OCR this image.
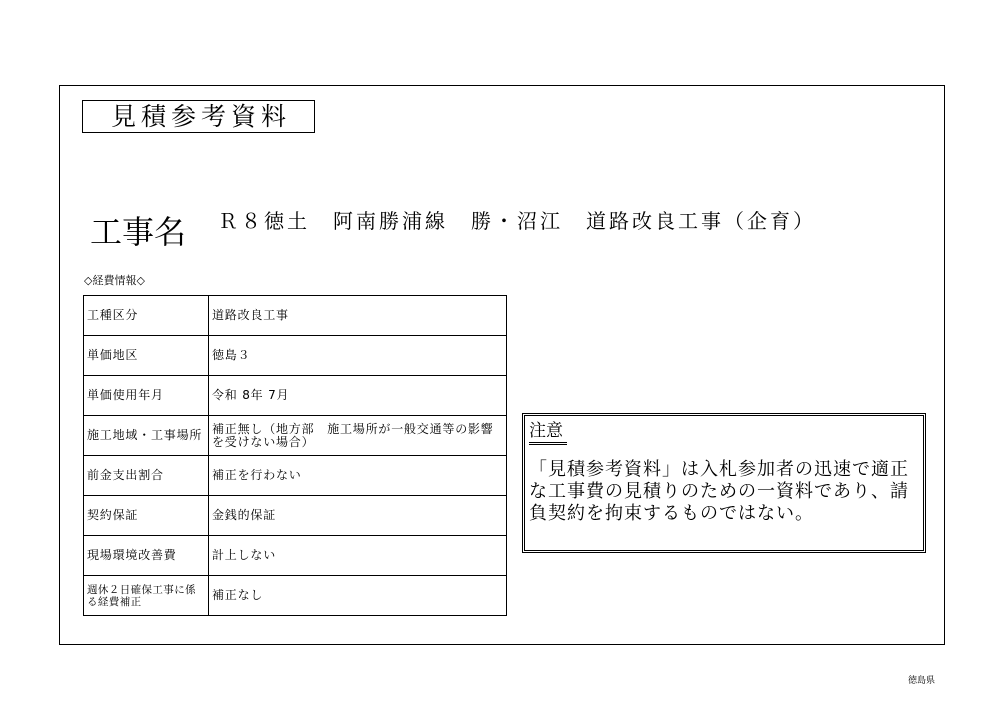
見積参考資料
工事名 Ｒ８徳土　阿南勝浦線　勝・沼江　道路改良工事（企育）
◇経費情報◇
工種区分	道路改良工事
単価地区	徳島３
単価使用年月	令和 8年 7月
施工地域・工事場所	補正無し（地方部　施工場所が一般交通等の影響を受けない場合）
前金支出割合	補正を行わない
契約保証	金銭的保証
現場環境改善費	計上しない
週休２日確保工事に係る経費補正	補正なし
注意
「見積参考資料」は入札参加者の迅速で適正
な工事費の見積りのための一資料であり、請
負契約を拘束するものではない。
徳島県
